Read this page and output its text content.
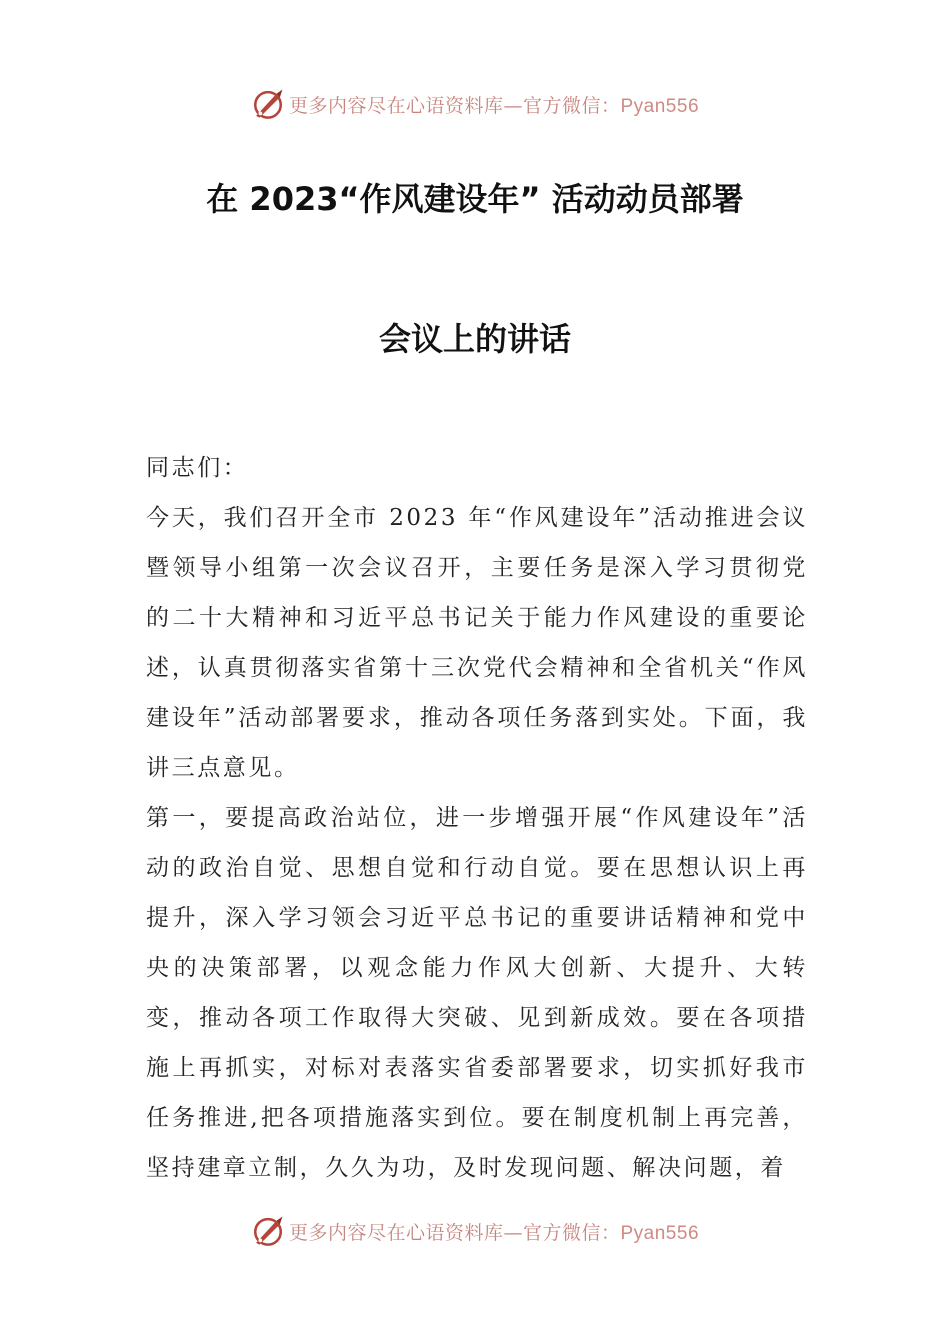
更多内容尽在心语资料库—官方微信：Pyan556
在 2023“作风建设年” 活动动员部署
会议上的讲话

同志们：

今天，我们召开全市 2023 年“作风建设年”活动推进会议暨领导小组第一次会议召开，主要任务是深入学习贯彻党的二十大精神和习近平总书记关于能力作风建设的重要论述，认真贯彻落实省第十三次党代会精神和全省机关“作风建设年”活动部署要求，推动各项任务落到实处。下面，我讲三点意见。

第一，要提高政治站位，进一步增强开展“作风建设年”活动的政治自觉、思想自觉和行动自觉。要在思想认识上再提升，深入学习领会习近平总书记的重要讲话精神和党中央的决策部署，以观念能力作风大创新、大提升、大转变，推动各项工作取得大突破、见到新成效。要在各项措施上再抓实，对标对表落实省委部署要求，切实抓好我市任务推进,把各项措施落实到位。要在制度机制上再完善，坚持建章立制，久久为功，及时发现问题、解决问题，着

更多内容尽在心语资料库—官方微信：Pyan556
